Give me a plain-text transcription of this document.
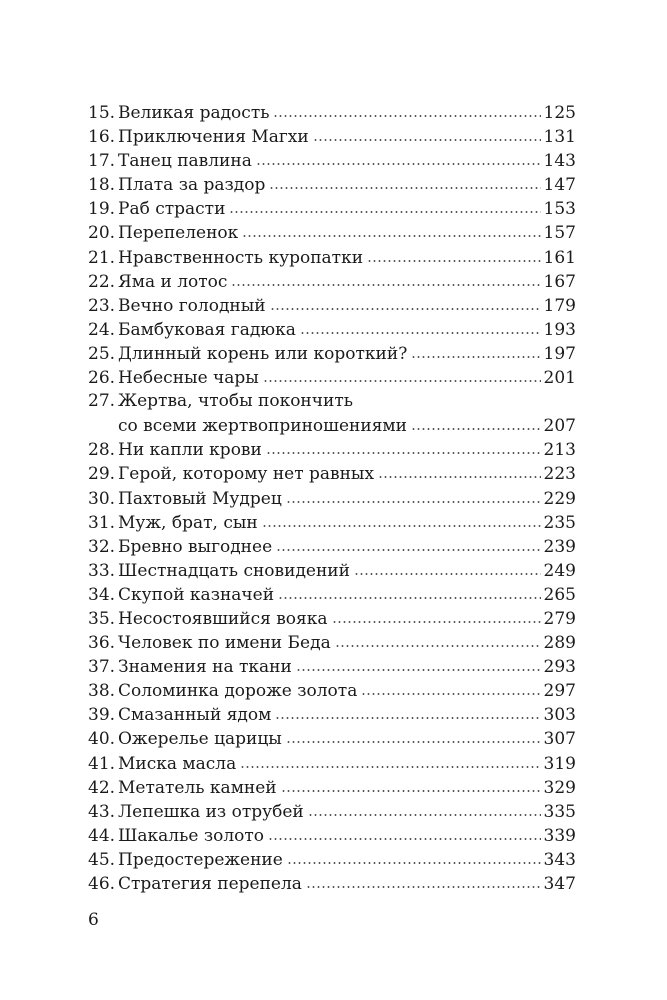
15. Великая радость	125
16. Приключения Магхи	131
17. Танец павлина	143
18. Плата за раздор	147
19. Раб страсти	153
20. Перепеленок	157
21. Нравственность куропатки	161
22. Яма и лотос	167
23. Вечно голодный	179
24. Бамбуковая гадюка	193
25. Длинный корень или короткий?	197
26. Небесные чары	201
27. Жертва, чтобы покончить
со всеми жертвоприношениями	207
28. Ни капли крови	213
29. Герой, которому нет равных	223
30. Пахтовый Мудрец	229
31. Муж, брат, сын	235
32. Бревно выгоднее	239
33. Шестнадцать сновидений	249
34. Скупой казначей	265
35. Несостоявшийся вояка	279
36. Человек по имени Беда	289
37. Знамения на ткани	293
38. Соломинка дороже золота	297
39. Смазанный ядом	303
40. Ожерелье царицы	307
41. Миска масла	319
42. Метатель камней	329
43. Лепешка из отрубей	335
44. Шакалье золото	339
45. Предостережение	343
46. Стратегия перепела	347
6
